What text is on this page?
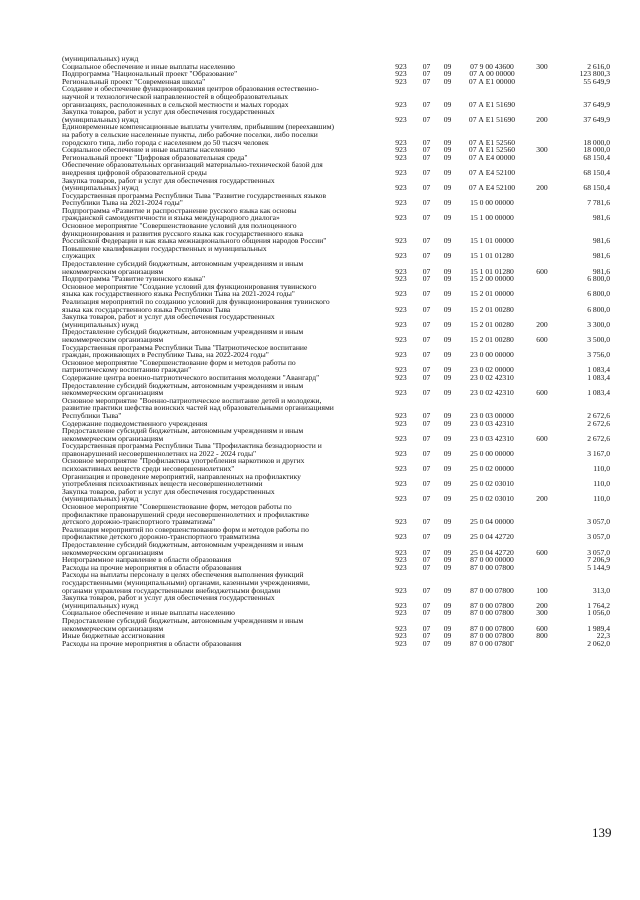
(муниципальных) нужд						
Социальное обеспечение и иные выплаты населению	923	07	09	07 9 00 43600	300	2 616,0
Подпрограмма "Национальный проект "Образование"	923	07	09	07 А 00 00000		123 800,3
Региональный проект "Современная школа"	923	07	09	07 А Е1 00000		55 649,9
Создание и обеспечение функционирования центров образования естественно-						
научной и технологической направленностей в общеобразовательных						
организациях, расположенных в сельской местности и малых городах	923	07	09	07 А Е1 51690		37 649,9
Закупка товаров, работ и услуг для обеспечения государственных						
(муниципальных) нужд	923	07	09	07 А Е1 51690	200	37 649,9
Единовременные компенсационные выплаты учителям, прибывшим (переехавшим)						
на работу в сельские населенные пункты, либо рабочие поселки, либо поселки						
городского типа, либо города с населением до 50 тысяч человек	923	07	09	07 А Е1 52560		18 000,0
Социальное обеспечение и иные выплаты населению	923	07	09	07 А Е1 52560	300	18 000,0
Региональный проект "Цифровая образовательная среда"	923	07	09	07 А Е4 00000		68 150,4
Обеспечение образовательных организаций материально-технической базой для						
внедрения цифровой образовательной среды	923	07	09	07 А Е4 52100		68 150,4
Закупка товаров, работ и услуг для обеспечения государственных						
(муниципальных) нужд	923	07	09	07 А Е4 52100	200	68 150,4
Государственная программа Республики Тыва "Развитие государственных языков						
Республики Тыва на 2021-2024 годы"	923	07	09	15 0 00 00000		7 781,6
Подпрограмма «Развитие и распространение русского языка как основы						
гражданской самоидентичности и языка международного диалога»	923	07	09	15 1 00 00000		981,6
Основное мероприятие "Совершенствование условий для полноценного						
функционирования и развития русского языка как государственного языка						
Российской Федерации и как языка межнационального общения народов России"	923	07	09	15 1 01 00000		981,6
Повышение квалификации государственных и муниципальных						
служащих	923	07	09	15 1 01 01280		981,6
Предоставление субсидий бюджетным, автономным учреждениям и иным						
некоммерческим организациям	923	07	09	15 1 01 01280	600	981,6
Подпрограмма "Развитие тувинского языка"	923	07	09	15 2 00 00000		6 800,0
Основное мероприятие "Создание условий для функционирования тувинского						
языка как государственного языка Республики Тыва на 2021-2024 годы"	923	07	09	15 2 01 00000		6 800,0
Реализация мероприятий по созданию условий для функционирования тувинского						
языка как государственного языка Республики Тыва	923	07	09	15 2 01 00280		6 800,0
Закупка товаров, работ и услуг для обеспечения государственных						
(муниципальных) нужд	923	07	09	15 2 01 00280	200	3 300,0
Предоставление субсидий бюджетным, автономным учреждениям и иным						
некоммерческим организациям	923	07	09	15 2 01 00280	600	3 500,0
Государственная программа Республики Тыва "Патриотическое воспитание						
граждан, проживающих в Республике Тыва, на 2022-2024 годы"	923	07	09	23 0 00 00000		3 756,0
Основное мероприятие "Совершенствование форм и методов работы по						
патриотическому воспитанию граждан"	923	07	09	23 0 02 00000		1 083,4
Содержание центра военно-патриотического воспитания молодежи "Авангард"	923	07	09	23 0 02 42310		1 083,4
Предоставление субсидий бюджетным, автономным учреждениям и иным						
некоммерческим организациям	923	07	09	23 0 02 42310	600	1 083,4
Основное мероприятие "Военно-патриотическое воспитание детей и молодежи,						
развитие практики шефства воинских частей над образовательными организациями						
Республики Тыва"	923	07	09	23 0 03 00000		2 672,6
Содержание подведомственного учреждения	923	07	09	23 0 03 42310		2 672,6
Предоставление субсидий бюджетным, автономным учреждениям и иным						
некоммерческим организациям	923	07	09	23 0 03 42310	600	2 672,6
Государственная программа Республики Тыва "Профилактика безнадзорности и						
правонарушений несовершеннолетних на 2022 - 2024 годы"	923	07	09	25 0 00 00000		3 167,0
Основное мероприятие "Профилактика употребления наркотиков и других						
психоактивных веществ среди несовершеннолетних"	923	07	09	25 0 02 00000		110,0
Организация и проведение мероприятий, направленных на профилактику						
употребления психоактивных веществ несовершеннолетними	923	07	09	25 0 02 03010		110,0
Закупка товаров, работ и услуг для обеспечения государственных						
(муниципальных) нужд	923	07	09	25 0 02 03010	200	110,0
Основное мероприятие "Совершенствование форм, методов работы по						
профилактике правонарушений среди несовершеннолетних и профилактике						
детского дорожно-транспортного травматизма"	923	07	09	25 0 04 00000		3 057,0
Реализация мероприятий по совершенствованию форм и методов работы по						
профилактике детского дорожно-транспортного травматизма	923	07	09	25 0 04 42720		3 057,0
Предоставление субсидий бюджетным, автономным учреждениям и иным						
некоммерческим организациям	923	07	09	25 0 04 42720	600	3 057,0
Непрограммное направление в области образования	923	07	09	87 0 00 00000		7 206,9
Расходы на прочие мероприятия в области образования	923	07	09	87 0 00 07800		5 144,9
Расходы на выплаты персоналу в целях обеспечения выполнения функций						
государственными (муниципальными) органами, казенными учреждениями,						
органами управления государственными внебюджетными фондами	923	07	09	87 0 00 07800	100	313,0
Закупка товаров, работ и услуг для обеспечения государственных						
(муниципальных) нужд	923	07	09	87 0 00 07800	200	1 764,2
Социальное обеспечение и иные выплаты населению	923	07	09	87 0 00 07800	300	1 056,0
Предоставление субсидий бюджетным, автономным учреждениям и иным						
некоммерческим организациям	923	07	09	87 0 00 07800	600	1 989,4
Иные бюджетные ассигнования	923	07	09	87 0 00 07800	800	22,3
Расходы на прочие мероприятия в области образования	923	07	09	87 0 00 0780Г		2 062,0
139
